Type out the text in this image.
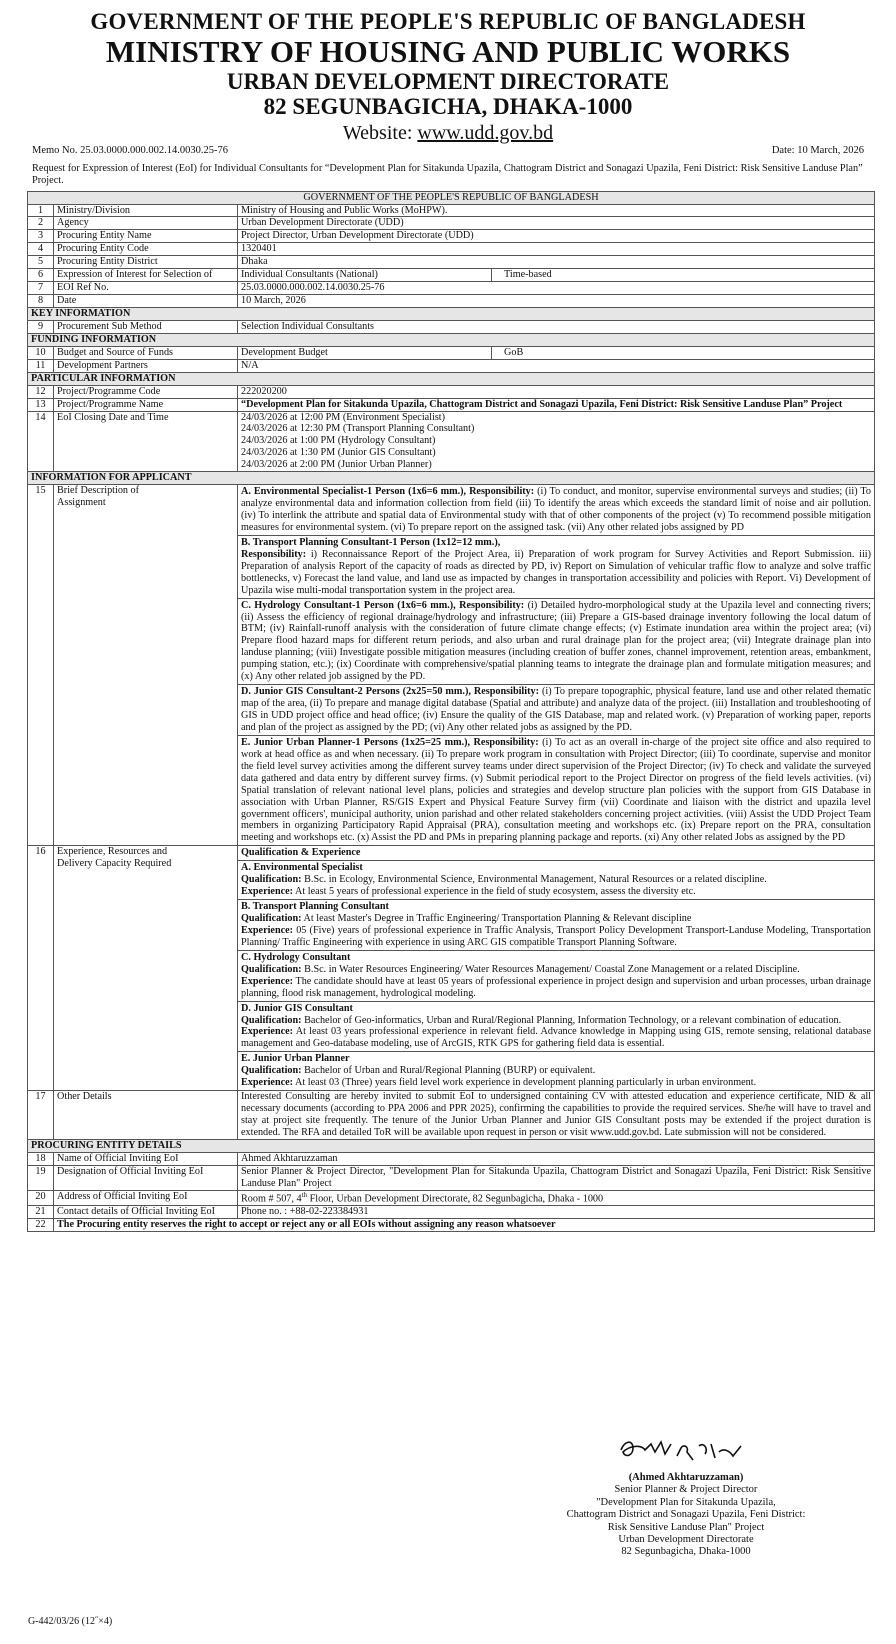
GOVERNMENT OF THE PEOPLE'S REPUBLIC OF BANGLADESH
MINISTRY OF HOUSING AND PUBLIC WORKS
URBAN DEVELOPMENT DIRECTORATE
82 SEGUNBAGICHA, DHAKA-1000
Website: www.udd.gov.bd
Memo No. 25.03.0000.000.002.14.0030.25-76	Date: 10 March, 2026
Request for Expression of Interest (EoI) for Individual Consultants for “Development Plan for Sitakunda Upazila, Chattogram District and Sonagazi Upazila, Feni District: Risk Sensitive Landuse Plan” Project.
GOVERNMENT OF THE PEOPLE'S REPUBLIC OF BANGLADESH
1	Ministry/Division	Ministry of Housing and Public Works (MoHPW).
2	Agency	Urban Development Directorate (UDD)
3	Procuring Entity Name	Project Director, Urban Development Directorate (UDD)
4	Procuring Entity Code	1320401
5	Procuring Entity District	Dhaka
6	Expression of Interest for Selection of	Individual Consultants (National)	Time-based
7	EOI Ref No.	25.03.0000.000.002.14.0030.25-76
8	Date	10 March, 2026
KEY INFORMATION
9	Procurement Sub Method	Selection Individual Consultants
FUNDING INFORMATION
10	Budget and Source of Funds	Development Budget	GoB
11	Development Partners	N/A
PARTICULAR INFORMATION
12	Project/Programme Code	222020200
13	Project/Programme Name	“Development Plan for Sitakunda Upazila, Chattogram District and Sonagazi Upazila, Feni District: Risk Sensitive Landuse Plan” Project
14	EoI Closing Date and Time	24/03/2026 at 12:00 PM (Environment Specialist)
24/03/2026 at 12:30 PM (Transport Planning Consultant)
24/03/2026 at 1:00 PM (Hydrology Consultant)
24/03/2026 at 1:30 PM (Junior GIS Consultant)
24/03/2026 at 2:00 PM (Junior Urban Planner)

INFORMATION FOR APPLICANT
15	Brief Description of Assignment	
A. Environmental Specialist-1 Person (1x6=6 mm.), Responsibility: (i) To conduct, and monitor, supervise environmental surveys and studies; (ii) To analyze environmental data and information collection from field (iii) To identify the areas which exceeds the standard limit of noise and air pollution. (iv) To interlink the attribute and spatial data of Environmental study with that of other components of the project (v) To recommend possible mitigation measures for environmental system. (vi) To prepare report on the assigned task. (vii) Any other related jobs assigned by PD

B. Transport Planning Consultant-1 Person (1x12=12 mm.),
Responsibility: i) Reconnaissance Report of the Project Area, ii) Preparation of work program for Survey Activities and Report Submission. iii) Preparation of analysis Report of the capacity of roads as directed by PD, iv) Report on Simulation of vehicular traffic flow to analyze and solve traffic bottlenecks, v) Forecast the land value, and land use as impacted by changes in transportation accessibility and policies with Report. Vi) Development of Upazila wise multi-modal transportation system in the project area.
C. Hydrology Consultant-1 Person (1x6=6 mm.), Responsibility: (i) Detailed hydro-morphological study at the Upazila level and connecting rivers; (ii) Assess the efficiency of regional drainage/hydrology and infrastructure; (iii) Prepare a GIS-based drainage inventory following the local datum of BTM; (iv) Rainfall-runoff analysis with the consideration of future climate change effects; (v) Estimate inundation area within the project area; (vi) Prepare flood hazard maps for different return periods, and also urban and rural drainage plan for the project area; (vii) Integrate drainage plan into landuse planning; (viii) Investigate possible mitigation measures (including creation of buffer zones, channel improvement, retention areas, embankment, pumping station, etc.); (ix) Coordinate with comprehensive/spatial planning teams to integrate the drainage plan and formulate mitigation measures; and (x) Any other related job assigned by the PD.
D. Junior GIS Consultant-2 Persons (2x25=50 mm.), Responsibility: (i) To prepare topographic, physical feature, land use and other related thematic map of the area, (ii) To prepare and manage digital database (Spatial and attribute) and analyze data of the project. (iii) Installation and troubleshooting of GIS in UDD project office and head office; (iv) Ensure the quality of the GIS Database, map and related work. (v) Preparation of working paper, reports and plan of the project as assigned by the PD; (vi) Any other related jobs as assigned by the PD.
E. Junior Urban Planner-1 Persons (1x25=25 mm.), Responsibility: (i) To act as an overall in-charge of the project site office and also required to work at head office as and when necessary. (ii) To prepare work program in consultation with Project Director; (iii) To coordinate, supervise and monitor the field level survey activities among the different survey teams under direct supervision of the Project Director; (iv) To check and validate the surveyed data gathered and data entry by different survey firms. (v) Submit periodical report to the Project Director on progress of the field levels activities. (vi) Spatial translation of relevant national level plans, policies and strategies and develop structure plan policies with the support from GIS Database in association with Urban Planner, RS/GIS Expert and Physical Feature Survey firm (vii) Coordinate and liaison with the district and upazila level government officers', municipal authority, union parishad and other related stakeholders concerning project activities. (viii) Assist the UDD Project Team members in organizing Participatory Rapid Appraisal (PRA), consultation meeting and workshops etc. (ix) Prepare report on the PRA, consultation meeting and workshops etc. (x) Assist the PD and PMs in preparing planning package and reports. (xi) Any other related Jobs as assigned by the PD

16	Experience, Resources and Delivery Capacity Required	
Qualification & Experience

A. Environmental Specialist
Qualification: B.Sc. in Ecology, Environmental Science, Environmental Management, Natural Resources or a related discipline.
Experience: At least 5 years of professional experience in the field of study ecosystem, assess the diversity etc.

B. Transport Planning Consultant
Qualification: At least Master's Degree in Traffic Engineering/ Transportation Planning & Relevant discipline
Experience: 05 (Five) years of professional experience in Traffic Analysis, Transport Policy Development Transport-Landuse Modeling, Transportation Planning/ Traffic Engineering with experience in using ARC GIS compatible Transport Planning Software.

C. Hydrology Consultant
Qualification: B.Sc. in Water Resources Engineering/ Water Resources Management/ Coastal Zone Management or a related Discipline.
Experience: The candidate should have at least 05 years of professional experience in project design and supervision and urban processes, urban drainage planning, flood risk management, hydrological modeling.

D. Junior GIS Consultant
Qualification: Bachelor of Geo-informatics, Urban and Rural/Regional Planning, Information Technology, or a relevant combination of education.
Experience: At least 03 years professional experience in relevant field. Advance knowledge in Mapping using GIS, remote sensing, relational database management and Geo-database modeling, use of ArcGIS, RTK GPS for gathering field data is essential.

E. Junior Urban Planner
Qualification: Bachelor of Urban and Rural/Regional Planning (BURP) or equivalent.
Experience: At least 03 (Three) years field level work experience in development planning particularly in urban environment.

17	Other Details	Interested Consulting are hereby invited to submit EoI to undersigned containing CV with attested education and experience certificate, NID & all necessary documents (according to PPA 2006 and PPR 2025), confirming the capabilities to provide the required services. She/he will have to travel and stay at project site frequently. The tenure of the Junior Urban Planner and Junior GIS Consultant posts may be extended if the project duration is extended. The RFA and detailed ToR will be available upon request in person or visit www.udd.gov.bd. Late submission will not be considered.
PROCURING ENTITY DETAILS
18	Name of Official Inviting EoI	Ahmed Akhtaruzzaman
19	Designation of Official Inviting EoI	Senior Planner & Project Director, "Development Plan for Sitakunda Upazila, Chattogram District and Sonagazi Upazila, Feni District: Risk Sensitive Landuse Plan" Project
20	Address of Official Inviting EoI	Room # 507, 4th Floor, Urban Development Directorate, 82 Segunbagicha, Dhaka - 1000
21	Contact details of Official Inviting EoI	Phone no. : +88-02-223384931
22	The Procuring entity reserves the right to accept or reject any or all EOIs without assigning any reason whatsoever
(Ahmed Akhtaruzzaman)
Senior Planner & Project Director
"Development Plan for Sitakunda Upazila,
Chattogram District and Sonagazi Upazila, Feni District:
Risk Sensitive Landuse Plan" Project
Urban Development Directorate
82 Segunbagicha, Dhaka-1000
G-442/03/26 (12˝×4)
